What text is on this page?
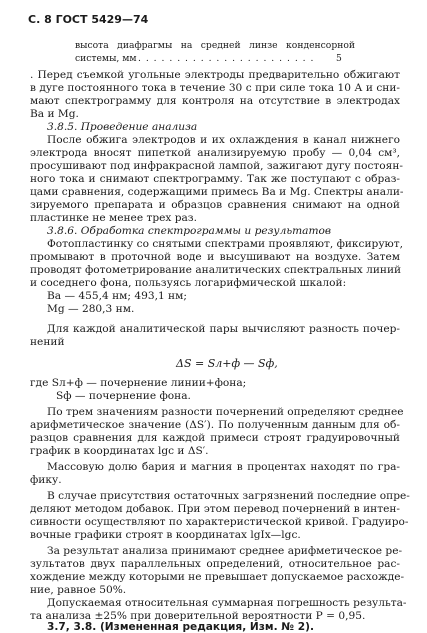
С. 8 ГОСТ 5429—74
высота диафрагмы на средней линзе конденсорной
системы, мм . . . . . . . . . . . . . . . . . . . . . . . 5
. Перед съемкой угольные электроды предварительно обжигают
в дуге постоянного тока в течение 30 с при силе тока 10 А и сни-
мают спектрограмму для контроля на отсутствие в электродах
Ba и Mg.
3.8.5. Проведение анализа
После обжига электродов и их охлаждения в канал нижнего
электрода вносят пипеткой анализируемую пробу — 0,04 см³,
просушивают под инфракрасной лампой, зажигают дугу постоян-
ного тока и снимают спектрограмму. Так же поступают с образ-
цами сравнения, содержащими примесь Ba и Mg. Спектры анали-
зируемого препарата и образцов сравнения снимают на одной
пластинке не менее трех раз.
3.8.6. Обработка спектрограммы и результатов
Фотопластинку со снятыми спектрами проявляют, фиксируют,
промывают в проточной воде и высушивают на воздухе. Затем
проводят фотометрирование аналитических спектральных линий
и соседнего фона, пользуясь логарифмической шкалой:
Ba — 455,4 нм; 493,1 нм;
Mg — 280,3 нм.
Для каждой аналитической пары вычисляют разность почер-
нений
ΔS = Sл+ф — Sф,
где Sл+ф — почернение линии+фона;
Sф — почернение фона.
По трем значениям разности почернений определяют среднее
арифметическое значение (ΔS′). По полученным данным для об-
разцов сравнения для каждой примеси строят градуировочный
график в координатах lgc и ΔS′.
Массовую долю бария и магния в процентах находят по гра-
фику.
В случае присутствия остаточных загрязнений последние опре-
деляют методом добавок. При этом перевод почернений в интен-
сивности осуществляют по характеристической кривой. Градуиро-
вочные графики строят в координатах lgIx—lgc.
За результат анализа принимают среднее арифметическое ре-
зультатов двух параллельных определений, относительное рас-
хождение между которыми не превышает допускаемое расхожде-
ние, равное 50%.
Допускаемая относительная суммарная погрешность результа-
та анализа ±25% при доверительной вероятности P = 0,95.
3.7, 3.8. (Измененная редакция, Изм. № 2).
